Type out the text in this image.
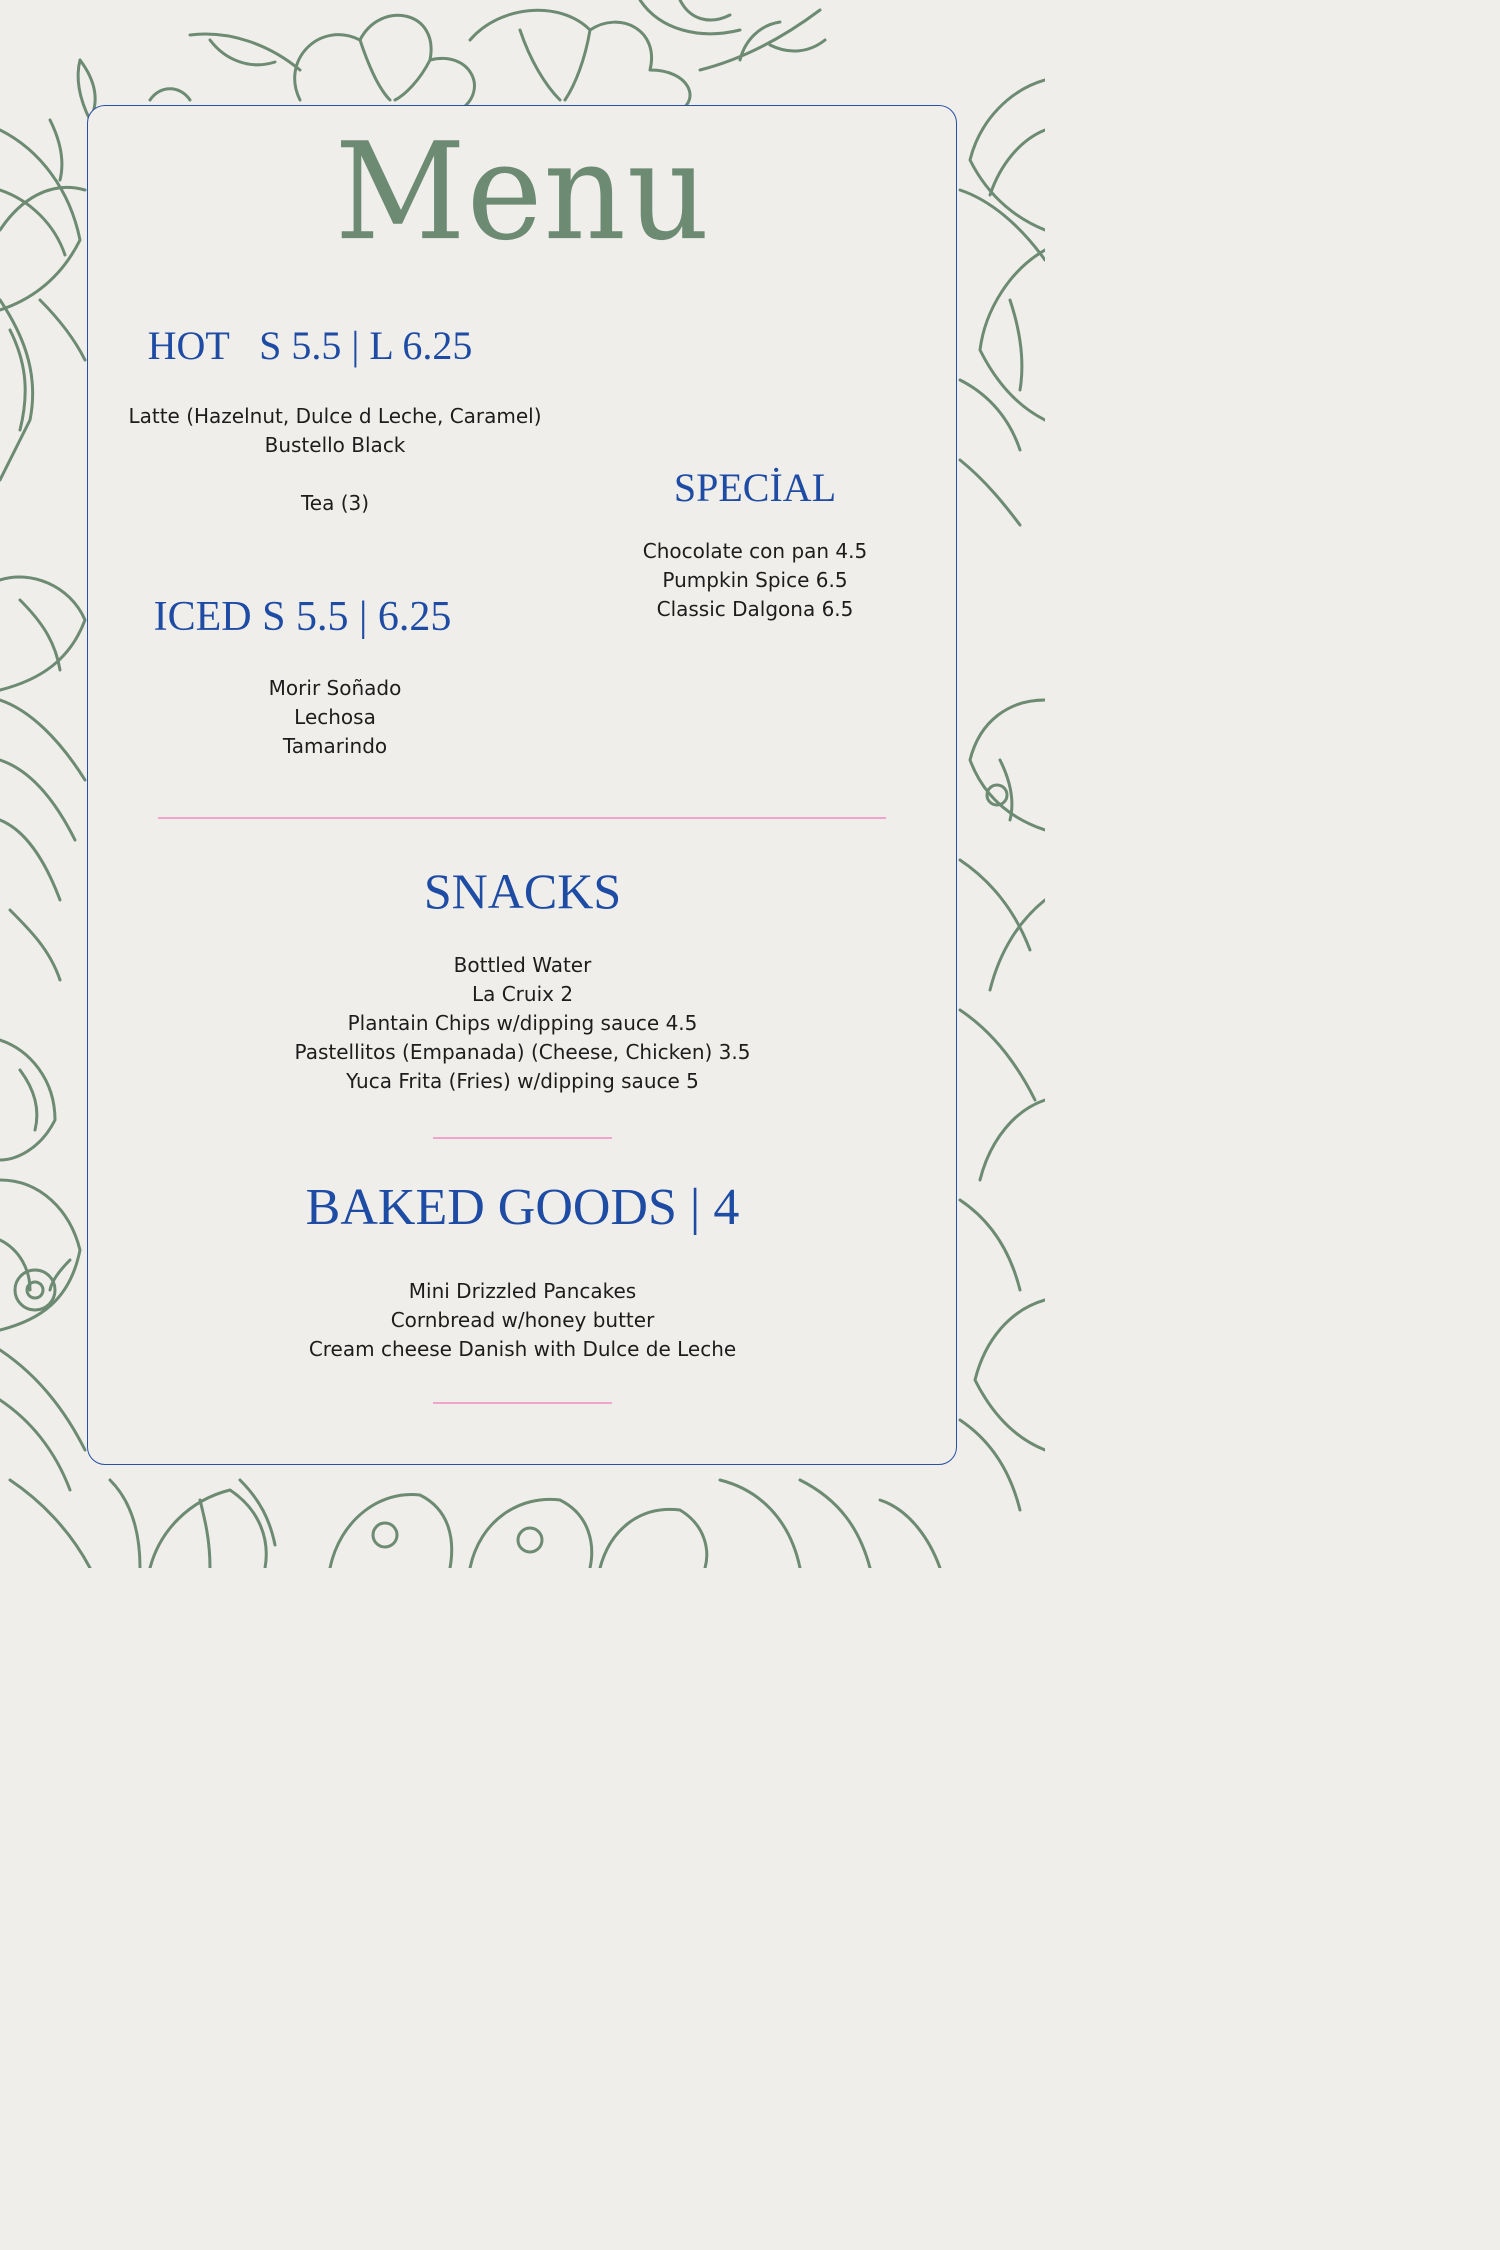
Menu
HOT   S 5.5 | L 6.25
Latte (Hazelnut, Dulce d Leche, Caramel)
Bustello Black
Tea (3)	SPECİAL
Chocolate con pan 4.5
Pumpkin Spice 6.5
Classic Dalgona 6.5
ICED S 5.5 | 6.25
Morir Soñado
Lechosa
Tamarindo
SNACKS
Bottled Water
La Cruix 2
Plantain Chips w/dipping sauce 4.5
Pastellitos (Empanada) (Cheese, Chicken) 3.5
Yuca Frita (Fries) w/dipping sauce 5
BAKED GOODS | 4
Mini Drizzled Pancakes
Cornbread w/honey butter
Cream cheese Danish with Dulce de Leche
